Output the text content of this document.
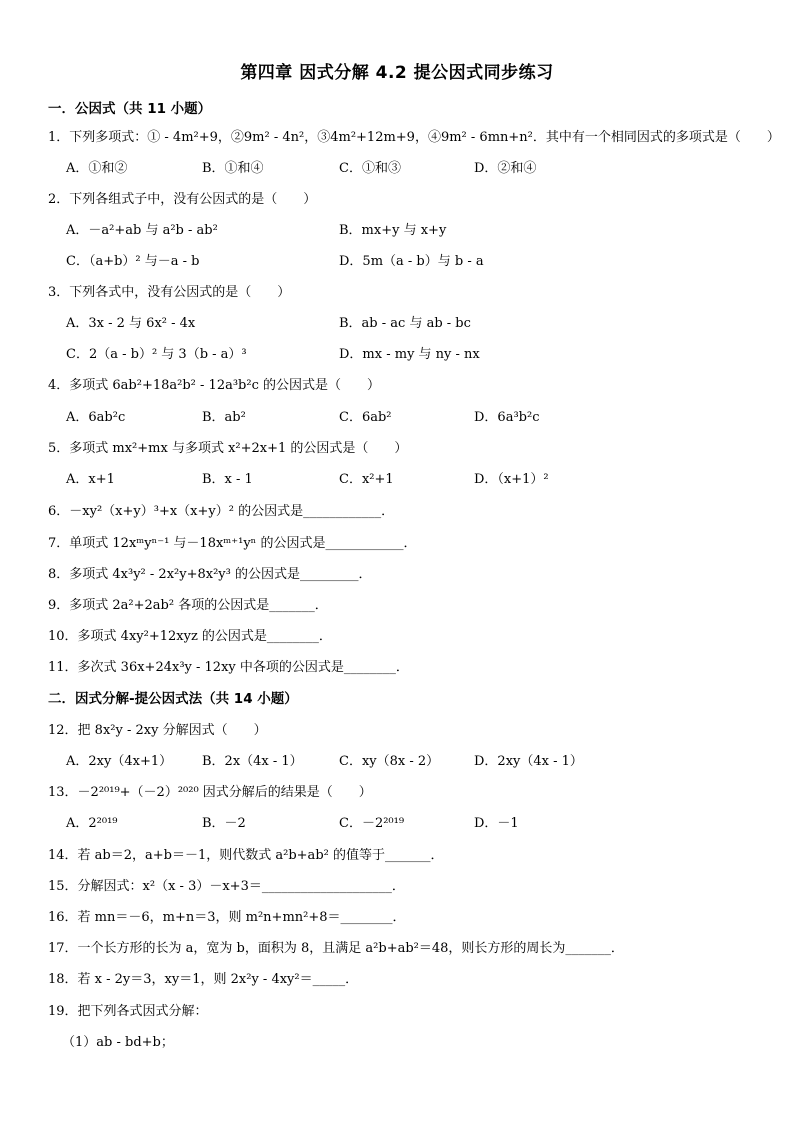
第四章 因式分解 4.2 提公因式同步练习
一．公因式（共 11 小题）
1．下列多项式：① - 4m²+9，②9m² - 4n²，③4m²+12m+9，④9m² - 6mn+n²．其中有一个相同因式的多项式是（　　）
A．①和②	B．①和④	C．①和③	D．②和④
2．下列各组式子中，没有公因式的是（　　）
A．－a²+ab 与 a²b - ab²	B．mx+y 与 x+y
C．（a+b）² 与－a - b	D．5m（a - b）与 b - a
3．下列各式中，没有公因式的是（　　）
A．3x - 2 与 6x² - 4x	B．ab - ac 与 ab - bc
C．2（a - b）² 与 3（b - a）³	D．mx - my 与 ny - nx
4．多项式 6ab²+18a²b² - 12a³b²c 的公因式是（　　）
A．6ab²c	B．ab²	C．6ab²	D．6a³b²c
5．多项式 mx²+mx 与多项式 x²+2x+1 的公因式是（　　）
A．x+1	B．x - 1	C．x²+1	D．（x+1）²
6．－xy²（x+y）³+x（x+y）² 的公因式是____________．
7．单项式 12xᵐyⁿ⁻¹ 与－18xᵐ⁺¹yⁿ 的公因式是____________．
8．多项式 4x³y² - 2x²y+8x²y³ 的公因式是_________．
9．多项式 2a²+2ab² 各项的公因式是_______．
10．多项式 4xy²+12xyz 的公因式是________．
11．多次式 36x+24x³y - 12xy 中各项的公因式是________．
二．因式分解-提公因式法（共 14 小题）
12．把 8x²y - 2xy 分解因式（　　）
A．2xy（4x+1） B．2x（4x - 1）	C．xy（8x - 2）	D．2xy（4x - 1）
13．－2²⁰¹⁹+（－2）²⁰²⁰ 因式分解后的结果是（　　）
A．2²⁰¹⁹	B．－2	C．－2²⁰¹⁹	D．－1
14．若 ab＝2，a+b＝－1，则代数式 a²b+ab² 的值等于_______．
15．分解因式：x²（x - 3）－x+3＝____________________．
16．若 mn＝－6，m+n＝3，则 m²n+mn²+8＝________．
17．一个长方形的长为 a，宽为 b，面积为 8，且满足 a²b+ab²＝48，则长方形的周长为_______．
18．若 x - 2y＝3，xy＝1，则 2x²y - 4xy²＝_____．
19．把下列各式因式分解：
（1）ab - bd+b；
